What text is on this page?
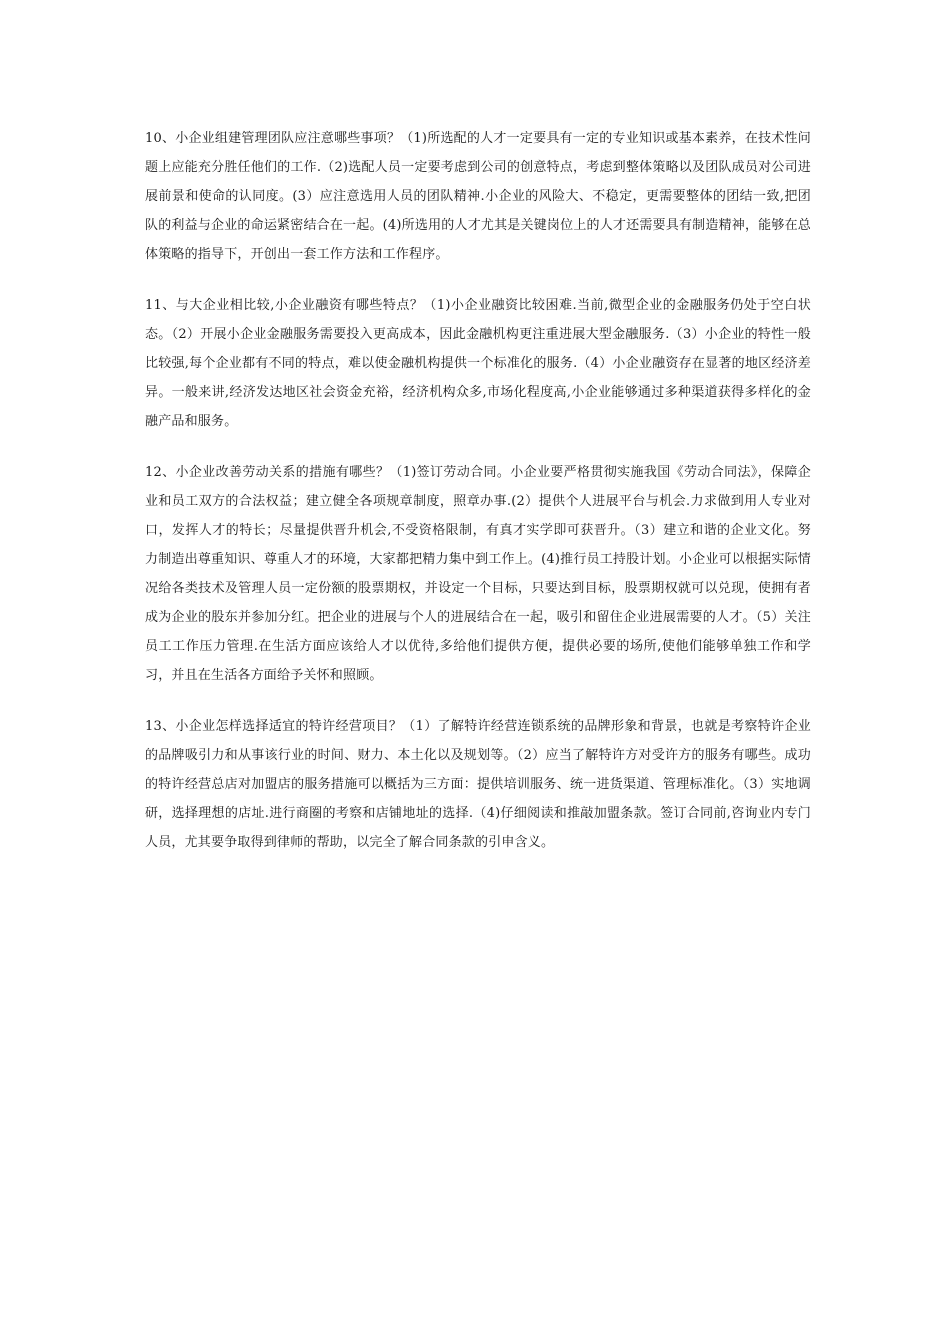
10、小企业组建管理团队应注意哪些事项？（1)所选配的人才一定要具有一定的专业知识或基本素养，在技术性问题上应能充分胜任他们的工作.（2)选配人员一定要考虑到公司的创意特点，考虑到整体策略以及团队成员对公司进展前景和使命的认同度。(3）应注意选用人员的团队精神.小企业的风险大、不稳定，更需要整体的团结一致,把团队的利益与企业的命运紧密结合在一起。(4)所选用的人才尤其是关键岗位上的人才还需要具有制造精神，能够在总体策略的指导下，开创出一套工作方法和工作程序。

11、与大企业相比较,小企业融资有哪些特点？（1)小企业融资比较困难.当前,微型企业的金融服务仍处于空白状态。（2）开展小企业金融服务需要投入更高成本，因此金融机构更注重进展大型金融服务.（3）小企业的特性一般比较强,每个企业都有不同的特点，难以使金融机构提供一个标准化的服务.（4）小企业融资存在显著的地区经济差异。一般来讲,经济发达地区社会资金充裕，经济机构众多,市场化程度高,小企业能够通过多种渠道获得多样化的金融产品和服务。

12、小企业改善劳动关系的措施有哪些？（1)签订劳动合同。小企业要严格贯彻实施我国《劳动合同法》，保障企业和员工双方的合法权益；建立健全各项规章制度，照章办事.(2）提供个人进展平台与机会.力求做到用人专业对口，发挥人才的特长；尽量提供晋升机会,不受资格限制，有真才实学即可获晋升。（3）建立和谐的企业文化。努力制造出尊重知识、尊重人才的环境，大家都把精力集中到工作上。(4)推行员工持股计划。小企业可以根据实际情况给各类技术及管理人员一定份额的股票期权，并设定一个目标，只要达到目标，股票期权就可以兑现，使拥有者成为企业的股东并参加分红。把企业的进展与个人的进展结合在一起，吸引和留住企业进展需要的人才。（5）关注员工工作压力管理.在生活方面应该给人才以优待,多给他们提供方便，提供必要的场所,使他们能够单独工作和学习，并且在生活各方面给予关怀和照顾。

13、小企业怎样选择适宜的特许经营项目？（1）了解特许经营连锁系统的品牌形象和背景，也就是考察特许企业的品牌吸引力和从事该行业的时间、财力、本土化以及规划等。（2）应当了解特许方对受许方的服务有哪些。成功的特许经营总店对加盟店的服务措施可以概括为三方面：提供培训服务、统一进货渠道、管理标准化。（3）实地调研，选择理想的店址.进行商圈的考察和店铺地址的选择.（4)仔细阅读和推敲加盟条款。签订合同前,咨询业内专门人员，尤其要争取得到律师的帮助，以完全了解合同条款的引申含义。
